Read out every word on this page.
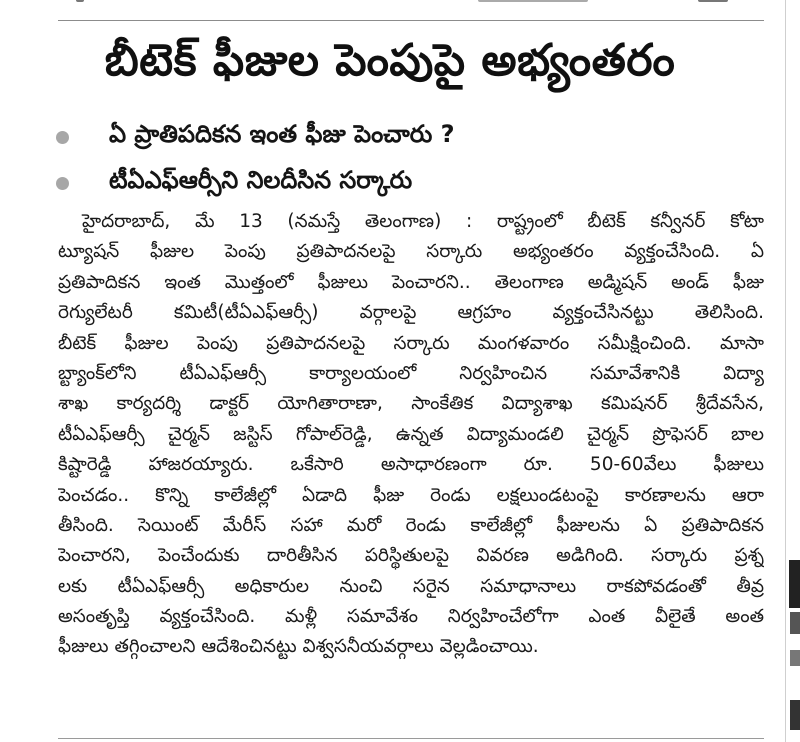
బీటెక్ ఫీజుల పెంపుపై అభ్యంతరం
ఏ ప్రాతిపదికన ఇంత ఫీజు పెంచారు ?
టీఏఎఫ్ఆర్సీని నిలదీసిన సర్కారు
హైదరాబాద్, మే 13 (నమస్తే తెలంగాణ) : రాష్ట్రంలో బీటెక్ కన్వీనర్ కోటా
ట్యూషన్ ఫీజుల పెంపు ప్రతిపాదనలపై సర్కారు అభ్యంతరం వ్యక్తంచేసింది. ఏ
ప్రతిపాదికన ఇంత మొత్తంలో ఫీజులు పెంచారని.. తెలంగాణ అడ్మిషన్ అండ్ ఫీజు
రెగ్యులేటరీ కమిటీ(టీఏఎఫ్ఆర్సీ) వర్గాలపై ఆగ్రహం వ్యక్తంచేసినట్టు తెలిసింది.
బీటెక్ ఫీజుల పెంపు ప్రతిపాదనలపై సర్కారు మంగళవారం సమీక్షించింది. మాసా
బ్ట్యాంక్‌లోని టీఏఎఫ్ఆర్సీ కార్యాలయంలో నిర్వహించిన సమావేశానికి విద్యా
శాఖ కార్యదర్శి డాక్టర్ యోగితారాణా, సాంకేతిక విద్యాశాఖ కమిషనర్ శ్రీదేవసేన,
టీఏఎఫ్ఆర్సీ చైర్మన్ జస్టిస్ గోపాల్‌రెడ్డి, ఉన్నత విద్యామండలి చైర్మన్ ప్రొఫెసర్ బాల
కిష్టారెడ్డి హాజరయ్యారు. ఒకేసారి అసాధారణంగా రూ. 50-60వేలు ఫీజులు
పెంచడం.. కొన్ని కాలేజీల్లో ఏడాది ఫీజు రెండు లక్షలుండటంపై కారణాలను ఆరా
తీసింది. సెయింట్ మేరీస్ సహా మరో రెండు కాలేజీల్లో ఫీజులను ఏ ప్రతిపాదికన
పెంచారని, పెంచేందుకు దారితీసిన పరిస్థితులపై వివరణ అడిగింది. సర్కారు ప్రశ్న
లకు టీఏఎఫ్ఆర్సీ అధికారుల నుంచి సరైన సమాధానాలు రాకపోవడంతో తీవ్ర
అసంతృప్తి వ్యక్తంచేసింది. మళ్లీ సమావేశం నిర్వహించేలోగా ఎంత వీలైతే అంత
ఫీజులు తగ్గించాలని ఆదేశించినట్టు విశ్వసనీయవర్గాలు వెల్లడించాయి.
